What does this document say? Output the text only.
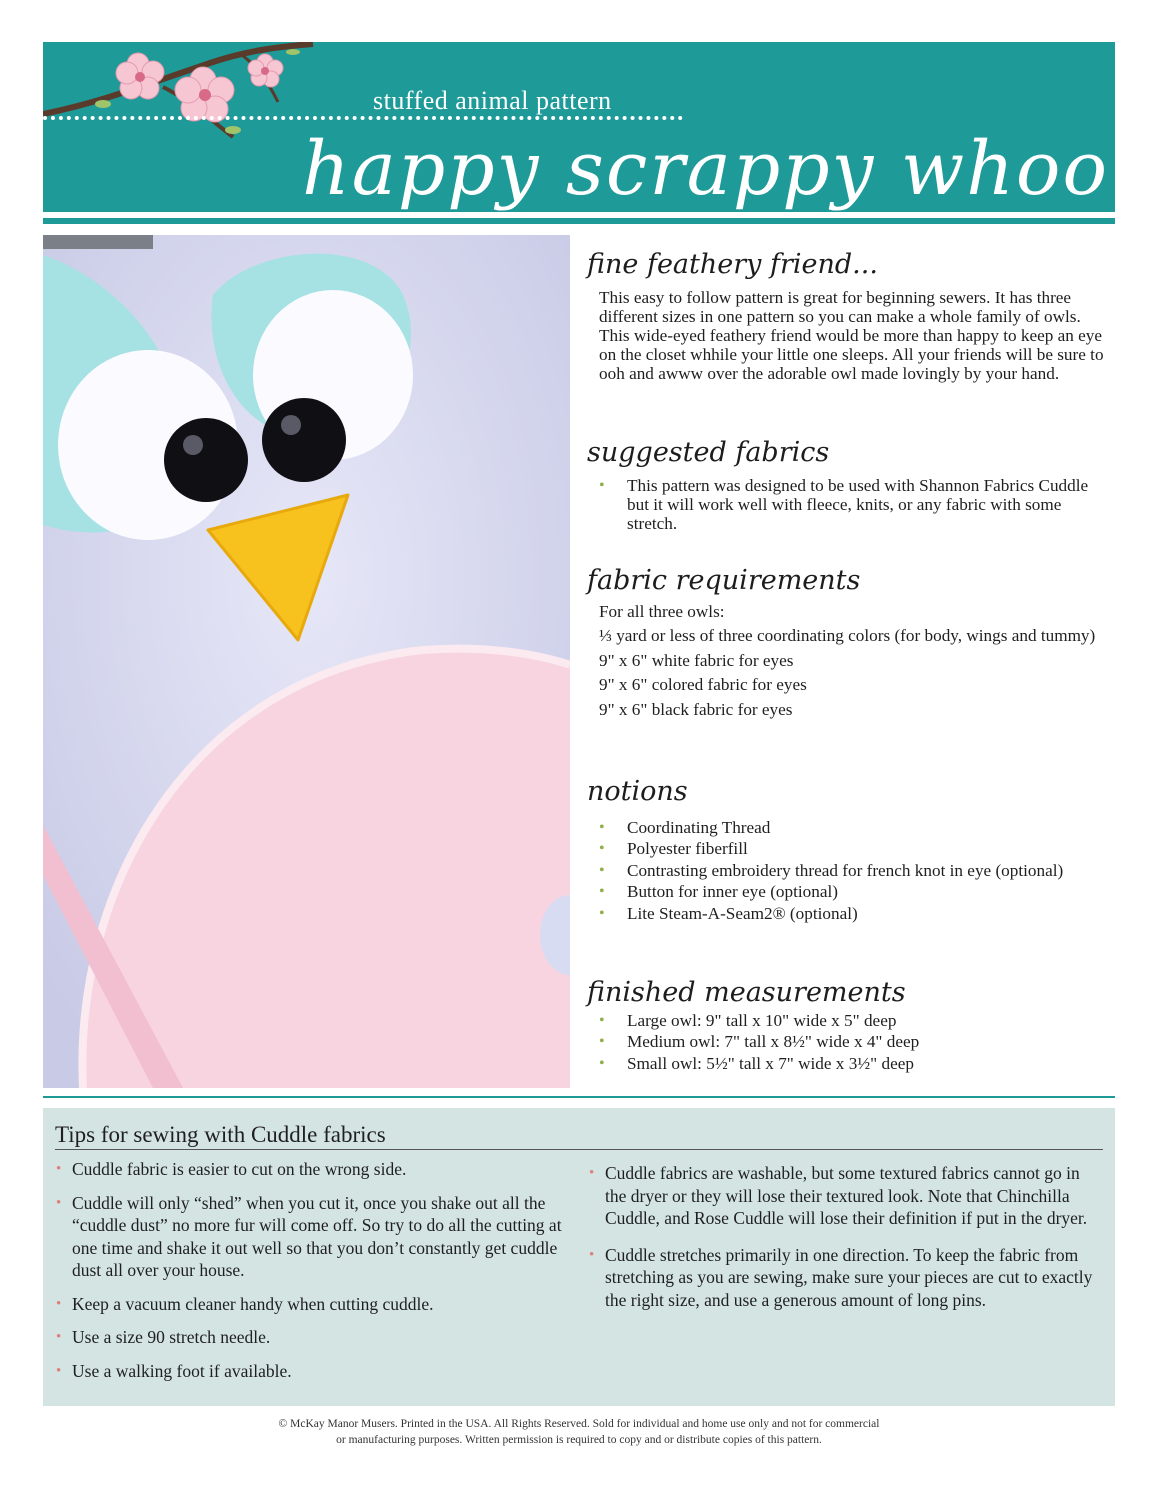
stuffed animal pattern
happy scrappy whoo
fine feathery friend...
This easy to follow pattern is great for beginning sewers. It has three different sizes in one pattern so you can make a whole family of owls. This wide-eyed feathery friend would be more than happy to keep an eye on the closet whhile your little one sleeps. All your friends will be sure to ooh and awww over the adorable owl made lovingly by your hand.
suggested fabrics
• This pattern was designed to be used with Shannon Fabrics Cuddle but it will work well with fleece, knits, or any fabric with some stretch.
fabric requirements
For all three owls:
⅓ yard or less of three coordinating colors (for body, wings and tummy)
9" x 6" white fabric for eyes
9" x 6" colored fabric for eyes
9" x 6" black fabric for eyes
notions
• Coordinating Thread
• Polyester fiberfill
• Contrasting embroidery thread for french knot in eye (optional)
• Button for inner eye (optional)
• Lite Steam-A-Seam2® (optional)
finished measurements
• Large owl: 9" tall x 10" wide x 5" deep
• Medium owl: 7" tall x 8½" wide x 4" deep
• Small owl: 5½" tall x 7" wide x 3½" deep
Tips for sewing with Cuddle fabrics
• Cuddle fabric is easier to cut on the wrong side.
• Cuddle will only “shed” when you cut it, once you shake out all the “cuddle dust” no more fur will come off. So try to do all the cutting at one time and shake it out well so that you don’t constantly get cuddle dust all over your house.
• Keep a vacuum cleaner handy when cutting cuddle.
• Use a size 90 stretch needle.
• Use a walking foot if available.
• Cuddle fabrics are washable, but some textured fabrics cannot go in the dryer or they will lose their textured look. Note that Chinchilla Cuddle, and Rose Cuddle will lose their definition if put in the dryer.
• Cuddle stretches primarily in one direction. To keep the fabric from stretching as you are sewing, make sure your pieces are cut to exactly the right size, and use a generous amount of long pins.
© McKay Manor Musers. Printed in the USA. All Rights Reserved. Sold for individual and home use only and not for commercial
or manufacturing purposes. Written permission is required to copy and or distribute copies of this pattern.
